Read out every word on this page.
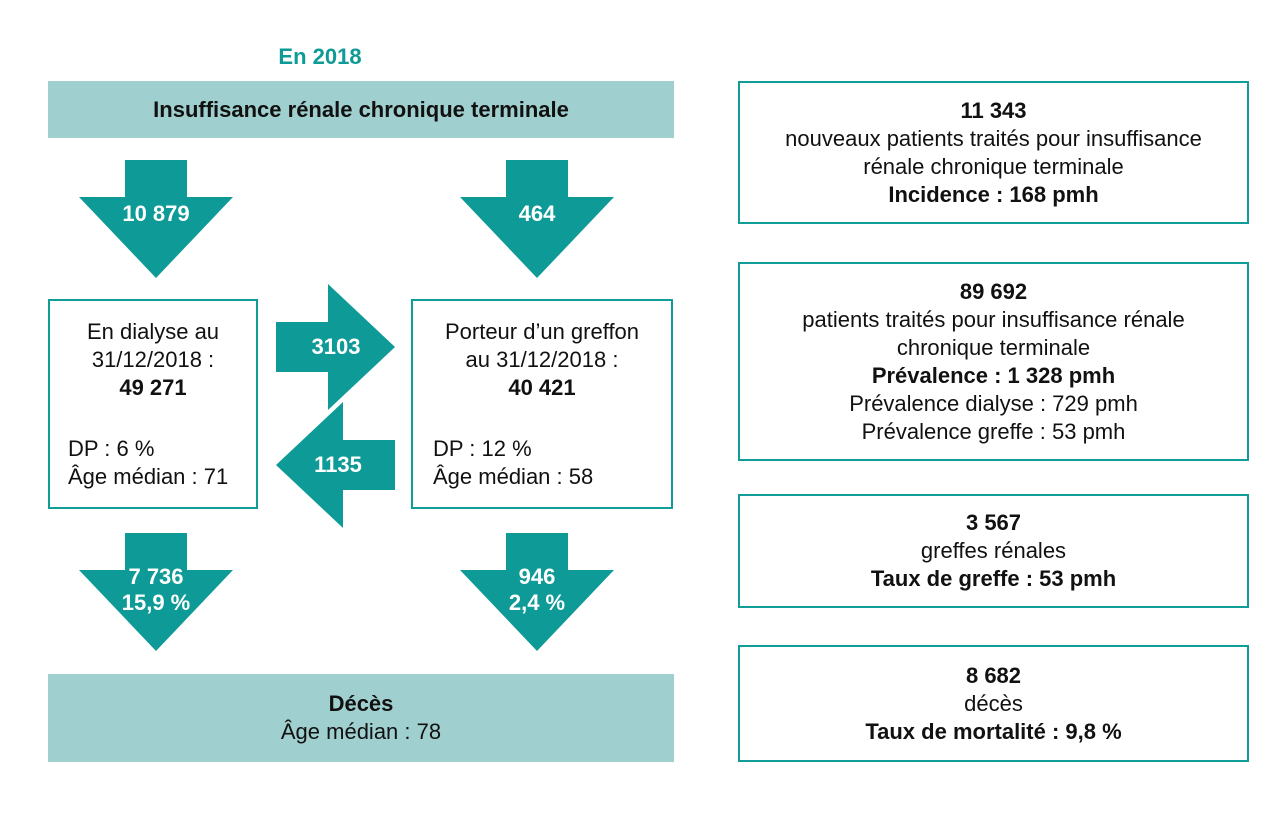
10 879	464
3103
1135
7 736
15,9 %
946
2,4 %
En 2018
Insuffisance rénale chronique terminale
En dialyse au
31/12/2018 :
49 271
DP : 6 %
Âge médian : 71
Porteur d’un greffon
au 31/12/2018 :
40 421
DP : 12 %
Âge médian : 58
Décès
Âge médian : 78
11 343
nouveaux patients traités pour insuffisance
rénale chronique terminale
Incidence : 168 pmh
89 692
patients traités pour insuffisance rénale
chronique terminale
Prévalence : 1 328 pmh
Prévalence dialyse : 729 pmh
Prévalence greffe : 53 pmh
3 567
greffes rénales
Taux de greffe : 53 pmh
8 682
décès
Taux de mortalité : 9,8 %
